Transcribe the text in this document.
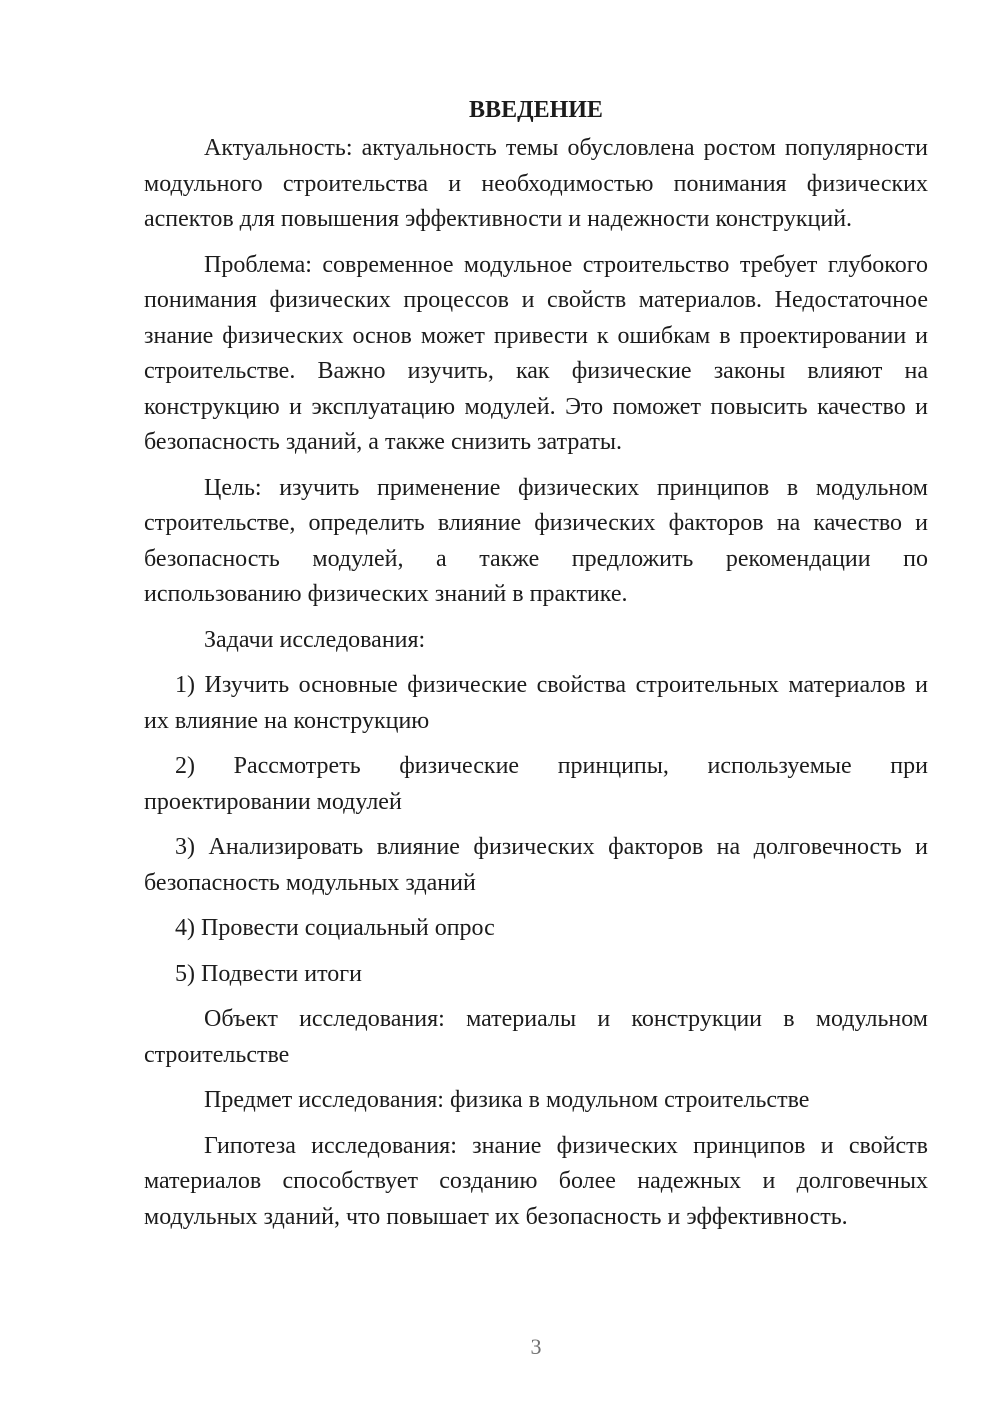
ВВЕДЕНИЕ

Актуальность: актуальность темы обусловлена ростом популярности модульного строительства и необходимостью понимания физических аспектов для повышения эффективности и надежности конструкций.

Проблема: современное модульное строительство требует глубокого понимания физических процессов и свойств материалов. Недостаточное знание физических основ может привести к ошибкам в проектировании и строительстве. Важно изучить, как физические законы влияют на конструкцию и эксплуатацию модулей. Это поможет повысить качество и безопасность зданий, а также снизить затраты.

Цель: изучить применение физических принципов в модульном строительстве, определить влияние физических факторов на качество и безопасность модулей, а также предложить рекомендации по использованию физических знаний в практике.

Задачи исследования:

1) Изучить основные физические свойства строительных материалов и их влияние на конструкцию

2) Рассмотреть физические принципы, используемые при проектировании модулей

3) Анализировать влияние физических факторов на долговечность и безопасность модульных зданий

4) Провести социальный опрос

5) Подвести итоги

Объект исследования: материалы и конструкции в модульном строительстве

Предмет исследования: физика в модульном строительстве

Гипотеза исследования: знание физических принципов и свойств материалов способствует созданию более надежных и долговечных модульных зданий, что повышает их безопасность и эффективность.

3
